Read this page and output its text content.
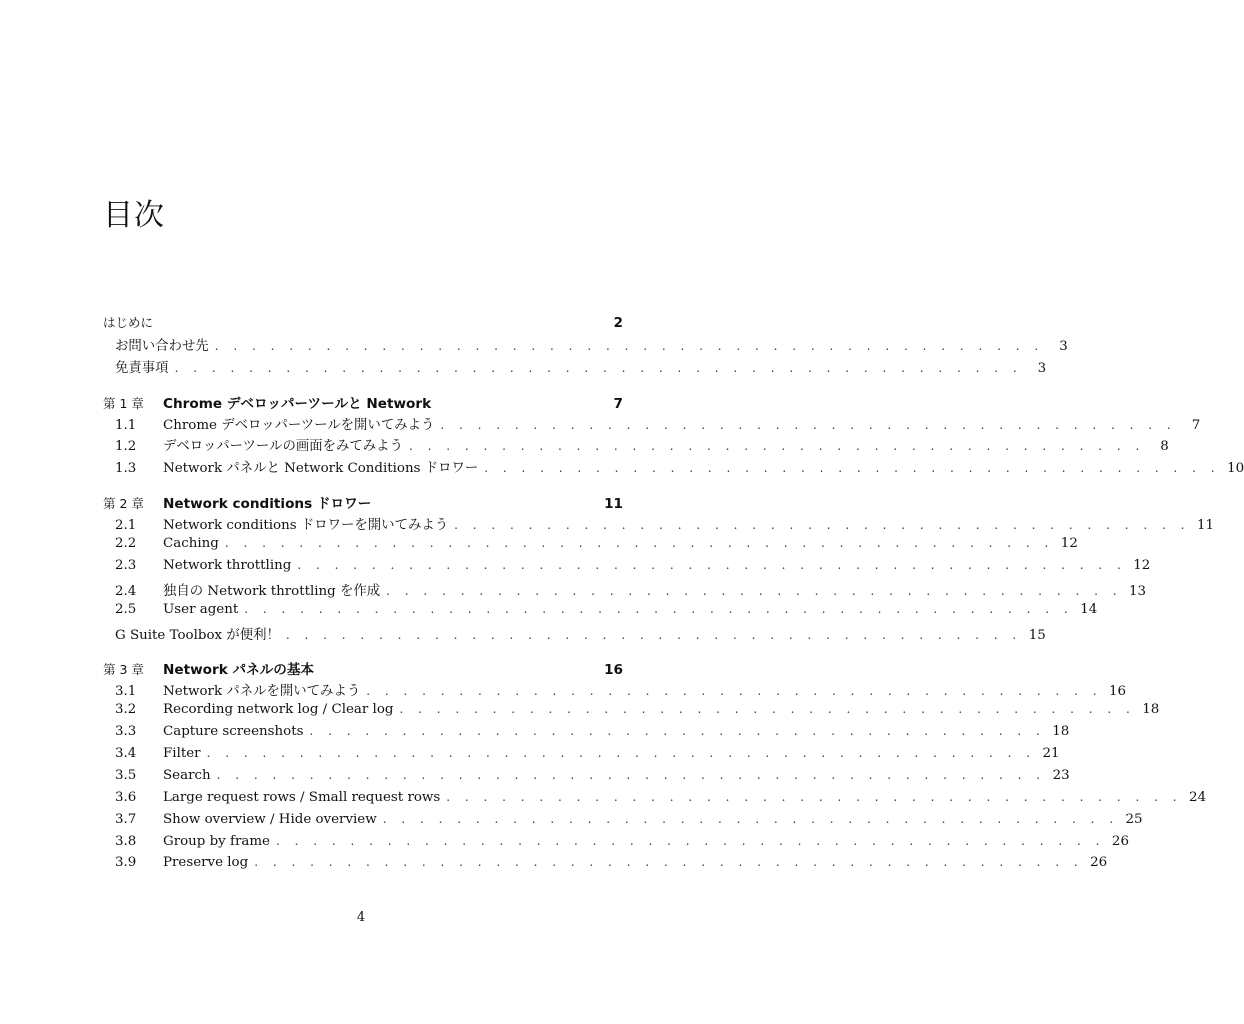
目次
はじめに	2
お問い合わせ先 . . . . . . . . . . . . . . . . . . . . . . . . . . . . . . . . . . . . . . . . . . . . .	3
免責事項 . . . . . . . . . . . . . . . . . . . . . . . . . . . . . . . . . . . . . . . . . . . . . .	3
第 1 章	Chrome デベロッパーツールと Network	7
1.1	Chrome デベロッパーツールを開いてみよう . . . . . . . . . . . . . . . . . . . . . . . . . . . . . . . . . . . . . . . .	7
1.2	デベロッパーツールの画面をみてみよう . . . . . . . . . . . . . . . . . . . . . . . . . . . . . . . . . . . . . . . .	8
1.3	Network パネルと Network Conditions ドロワー . . . . . . . . . . . . . . . . . . . . . . . . . . . . . . . . . . . . . . . . 10
第 2 章	Network conditions ドロワー	11
2.1	Network conditions ドロワーを開いてみよう . . . . . . . . . . . . . . . . . . . . . . . . . . . . . . . . . . . . . . . . 11
2.2	Caching . . . . . . . . . . . . . . . . . . . . . . . . . . . . . . . . . . . . . . . . . . . . . 12
2.3	Network throttling . . . . . . . . . . . . . . . . . . . . . . . . . . . . . . . . . . . . . . . . . . . . . 12
2.4	独自の Network throttling を作成 . . . . . . . . . . . . . . . . . . . . . . . . . . . . . . . . . . . . . . . . 13
2.5	User agent . . . . . . . . . . . . . . . . . . . . . . . . . . . . . . . . . . . . . . . . . . . . . 14
G Suite Toolbox が便利！ . . . . . . . . . . . . . . . . . . . . . . . . . . . . . . . . . . . . . . . . 15
第 3 章	Network パネルの基本	16
3.1	Network パネルを開いてみよう . . . . . . . . . . . . . . . . . . . . . . . . . . . . . . . . . . . . . . . . 16
3.2	Recording network log / Clear log . . . . . . . . . . . . . . . . . . . . . . . . . . . . . . . . . . . . . . . . 18
3.3	Capture screenshots . . . . . . . . . . . . . . . . . . . . . . . . . . . . . . . . . . . . . . . . 18
3.4	Filter . . . . . . . . . . . . . . . . . . . . . . . . . . . . . . . . . . . . . . . . . . . . . 21
3.5	Search . . . . . . . . . . . . . . . . . . . . . . . . . . . . . . . . . . . . . . . . . . . . . 23
3.6	Large request rows / Small request rows . . . . . . . . . . . . . . . . . . . . . . . . . . . . . . . . . . . . . . . . 24
3.7	Show overview / Hide overview . . . . . . . . . . . . . . . . . . . . . . . . . . . . . . . . . . . . . . . . 25
3.8	Group by frame . . . . . . . . . . . . . . . . . . . . . . . . . . . . . . . . . . . . . . . . . . . . . 26
3.9	Preserve log . . . . . . . . . . . . . . . . . . . . . . . . . . . . . . . . . . . . . . . . . . . . . 26
4
